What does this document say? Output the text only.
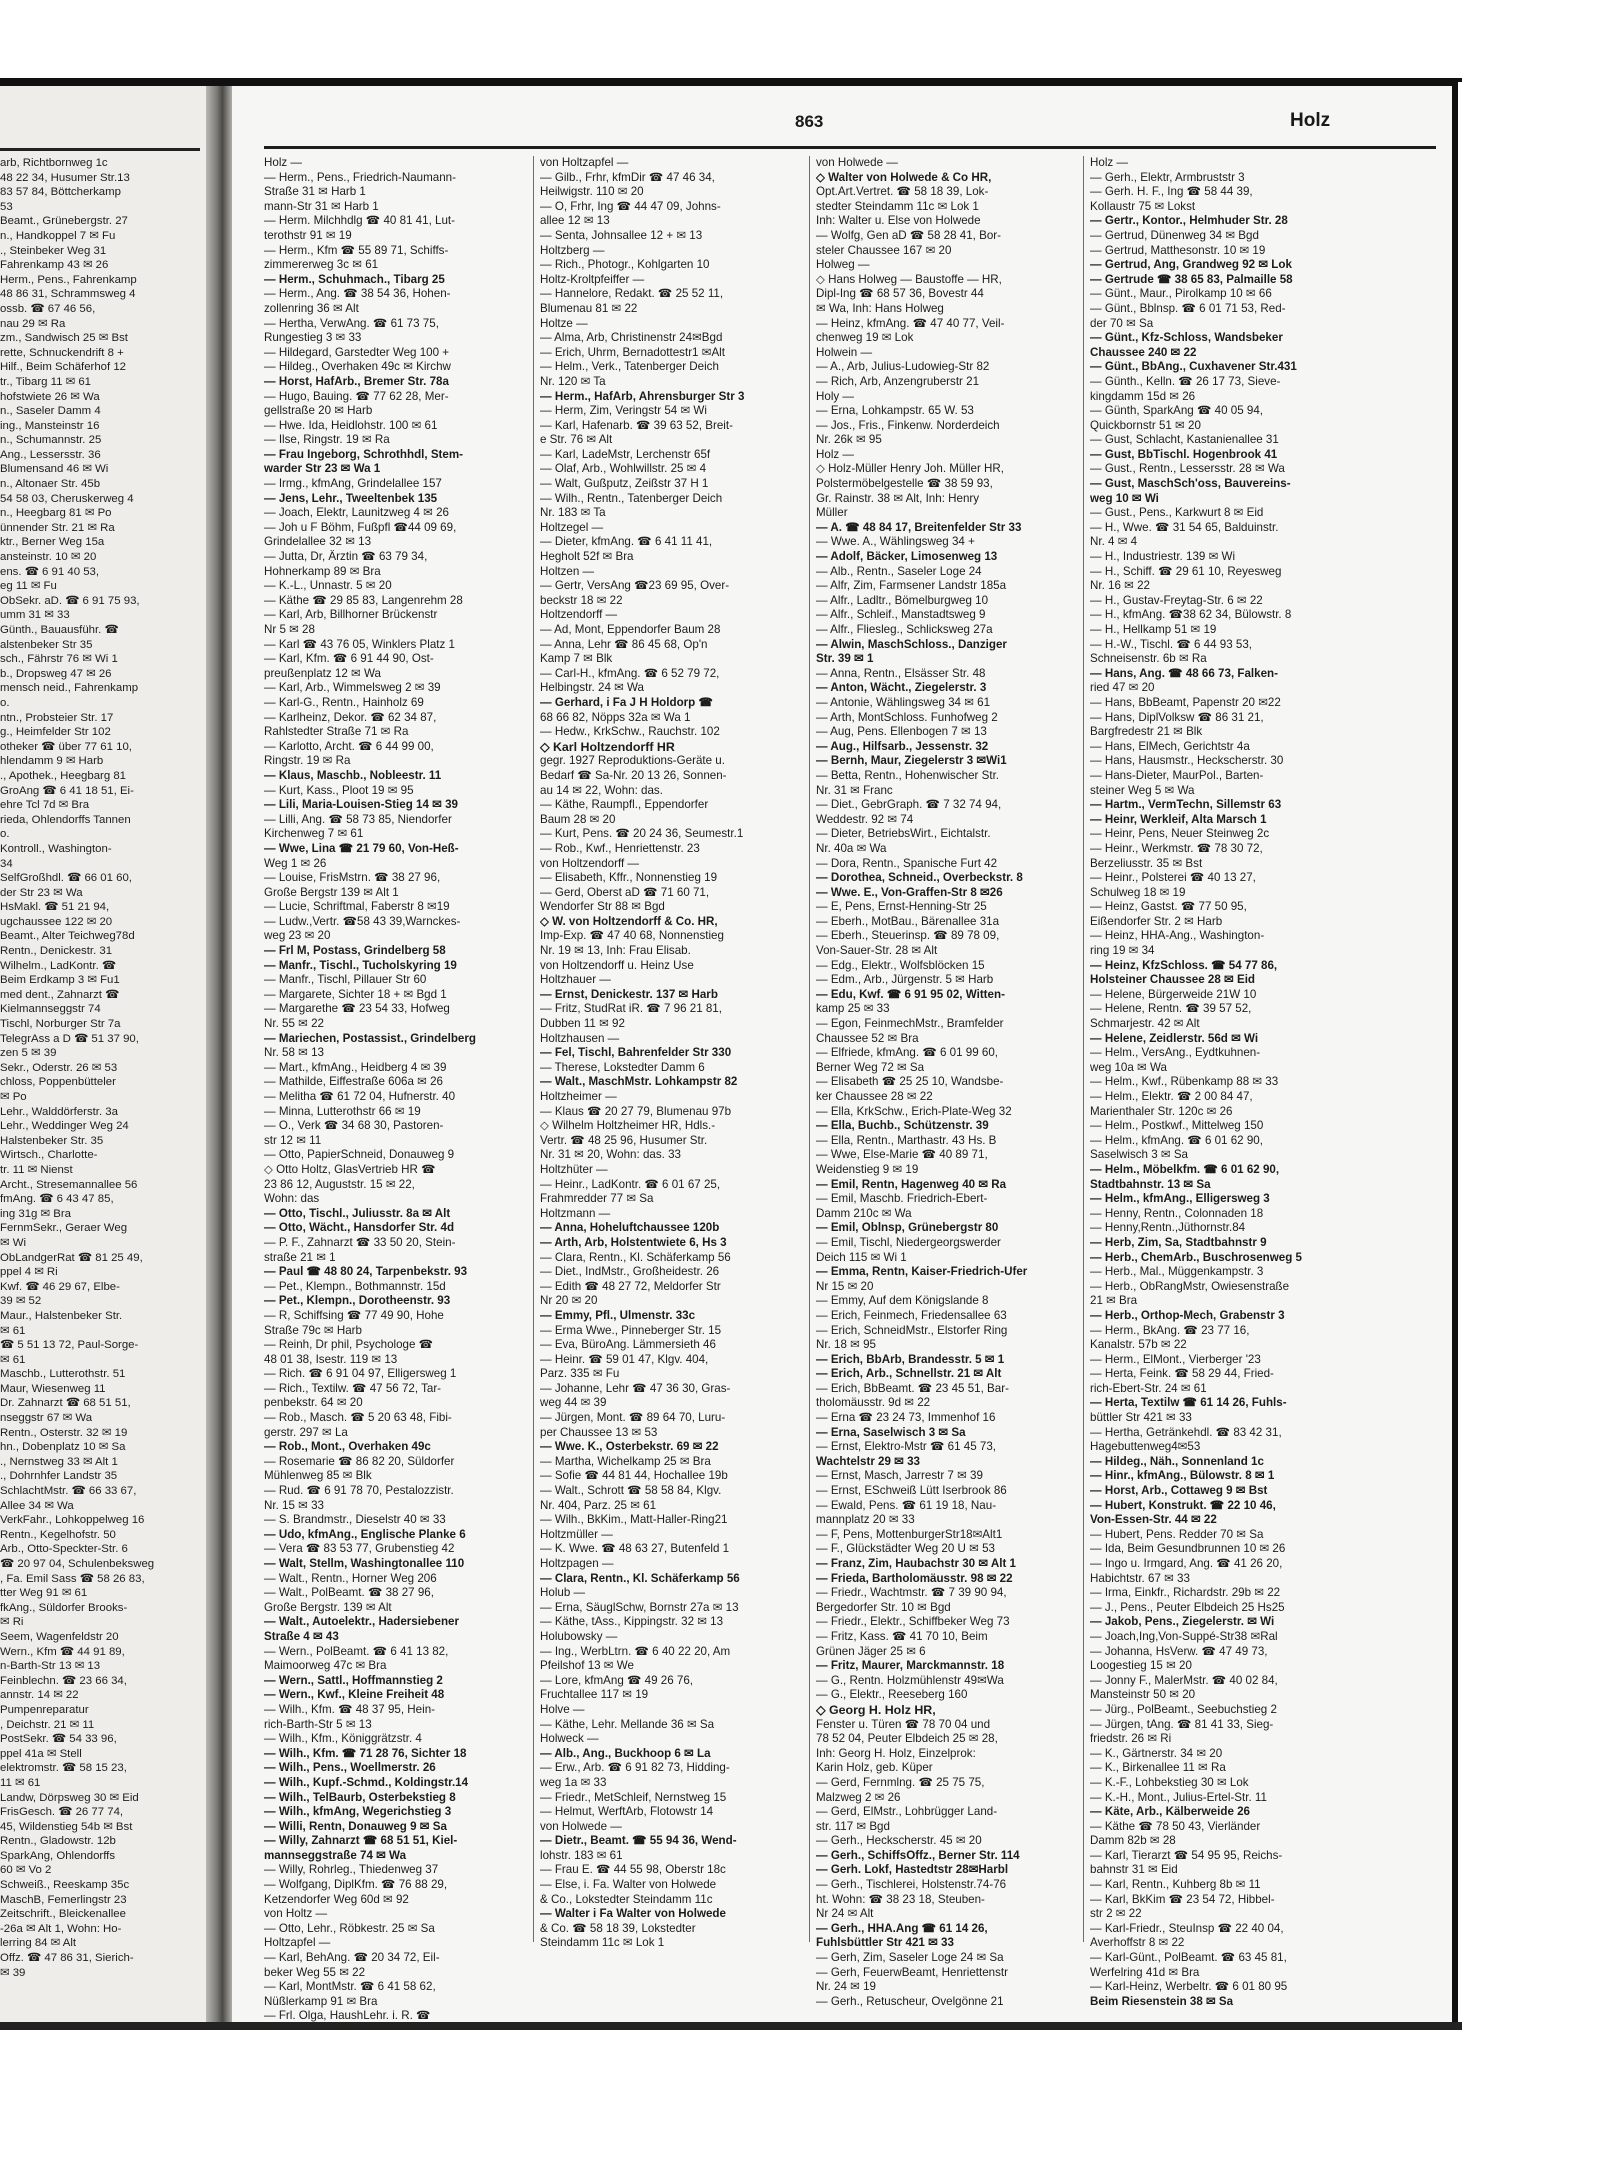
arb, Richtbornweg 1c
48 22 34, Husumer Str.13
83 57 84, Böttcherkamp
53
Beamt., Grünebergstr. 27
n., Handkoppel 7 ✉ Fu
., Steinbeker Weg 31
Fahrenkamp 43 ✉ 26
Herm., Pens., Fahrenkamp
48 86 31, Schrammsweg 4
ossb. ☎ 67 46 56,
nau 29 ✉ Ra
zm., Sandwisch 25 ✉ Bst
rette, Schnuckendrift 8 +
Hilf., Beim Schäferhof 12
tr., Tibarg 11 ✉ 61
hofstwiete 26 ✉ Wa
n., Saseler Damm 4
ing., Mansteinstr 16
n., Schumannstr. 25
Ang., Lessersstr. 36
Blumensand 46 ✉ Wi
n., Altonaer Str. 45b
54 58 03, Cheruskerweg 4
n., Heegbarg 81 ✉ Po
ünnender Str. 21 ✉ Ra
ktr., Berner Weg 15a
ansteinstr. 10 ✉ 20
ens. ☎ 6 91 40 53,
eg 11 ✉ Fu
ObSekr. aD. ☎ 6 91 75 93,
umm 31 ✉ 33
Günth., Bauausführ. ☎
alstenbeker Str 35
sch., Fährstr 76 ✉ Wi 1
b., Dropsweg 47 ✉ 26
mensch neid., Fahrenkamp
o.
ntn., Probsteier Str. 17
g., Heimfelder Str 102
otheker ☎ über 77 61 10,
hlendamm 9 ✉ Harb
., Apothek., Heegbarg 81
GroAng ☎ 6 41 18 51, Ei-
ehre Tcl 7d ✉ Bra
rieda, Ohlendorffs Tannen
o.
Kontroll., Washington-
34
SelfGroßhdl. ☎ 66 01 60,
der Str 23 ✉ Wa
HsMakl. ☎ 51 21 94,
ugchaussee 122 ✉ 20
Beamt., Alter Teichweg78d
Rentn., Denickestr. 31
Wilhelm., LadKontr. ☎
Beim Erdkamp 3 ✉ Fu1
med dent., Zahnarzt ☎
Kielmannseggstr 74
Tischl, Norburger Str 7a
TelegrAss a D ☎ 51 37 90,
zen 5 ✉ 39
Sekr., Oderstr. 26 ✉ 53
chloss, Poppenbütteler
✉ Po
Lehr., Walddörferstr. 3a
Lehr., Weddinger Weg 24
Halstenbeker Str. 35
Wirtsch., Charlotte-
tr. 11 ✉ Nienst
Archt., Stresemannallee 56
fmAng. ☎ 6 43 47 85,
ing 31g ✉ Bra
FernmSekr., Geraer Weg
✉ Wi
ObLandgerRat ☎ 81 25 49,
ppel 4 ✉ Ri
Kwf. ☎ 46 29 67, Elbe-
39 ✉ 52
Maur., Halstenbeker Str.
✉ 61
☎ 5 51 13 72, Paul-Sorge-
✉ 61
Maschb., Lutterothstr. 51
Maur, Wiesenweg 11
Dr. Zahnarzt ☎ 68 51 51,
nseggstr 67 ✉ Wa
Rentn., Osterstr. 32 ✉ 19
hn., Dobenplatz 10 ✉ Sa
., Nernstweg 33 ✉ Alt 1
., Dohrnhfer Landstr 35
SchlachtMstr. ☎ 66 33 67,
Allee 34 ✉ Wa
VerkFahr., Lohkoppelweg 16
Rentn., Kegelhofstr. 50
Arb., Otto-Speckter-Str. 6
☎ 20 97 04, Schulenbeksweg
, Fa. Emil Sass ☎ 58 26 83,
tter Weg 91 ✉ 61
fkAng., Süldorfer Brooks-
✉ Ri
Seem, Wagenfeldstr 20
Wern., Kfm ☎ 44 91 89,
n-Barth-Str 13 ✉ 13
Feinblechn. ☎ 23 66 34,
annstr. 14 ✉ 22
Pumpenreparatur
, Deichstr. 21 ✉ 11
PostSekr. ☎ 54 33 96,
ppel 41a ✉ Stell
elektromstr. ☎ 58 15 23,
11 ✉ 61
Landw, Dörpsweg 30 ✉ Eid
FrisGesch. ☎ 26 77 74,
45, Wildenstieg 54b ✉ Bst
Rentn., Gladowstr. 12b
SparkAng, Ohlendorffs
60 ✉ Vo 2
Schweiß., Reeskamp 35c
MaschB, Femerlingstr 23
Zeitschrift., Bleickenallee
-26a ✉ Alt 1, Wohn: Ho-
lerring 84 ✉ Alt
Offz. ☎ 47 86 31, Sierich-
✉ 39
863	Holz
Holz —
— Herm., Pens., Friedrich-Naumann-
Straße 31 ✉ Harb 1
mann-Str 31 ✉ Harb 1
— Herm. Milchhdlg ☎ 40 81 41, Lut-
terothstr 91 ✉ 19
— Herm., Kfm ☎ 55 89 71, Schiffs-
zimmererweg 3c ✉ 61
— Herm., Schuhmach., Tibarg 25
— Herm., Ang. ☎ 38 54 36, Hohen-
zollenring 36 ✉ Alt
— Hertha, VerwAng. ☎ 61 73 75,
Rungestieg 3 ✉ 33
— Hildegard, Garstedter Weg 100 +
— Hildeg., Overhaken 49c ✉ Kirchw
— Horst, HafArb., Bremer Str. 78a
— Hugo, Bauing. ☎ 77 62 28, Mer-
gellstraße 20 ✉ Harb
— Hwe. Ida, Heidlohstr. 100 ✉ 61
— Ilse, Ringstr. 19 ✉ Ra
— Frau Ingeborg, Schrothhdl, Stem-
warder Str 23 ✉ Wa 1
— Irmg., kfmAng, Grindelallee 157
— Jens, Lehr., Tweeltenbek 135
— Joach, Elektr, Launitzweg 4 ✉ 26
— Joh u F Böhm, Fußpfl ☎44 09 69,
Grindelallee 32 ✉ 13
— Jutta, Dr, Ärztin ☎ 63 79 34,
Hohnerkamp 89 ✉ Bra
— K.-L., Unnastr. 5 ✉ 20
— Käthe ☎ 29 85 83, Langenrehm 28
— Karl, Arb, Billhorner Brückenstr
Nr 5 ✉ 28
— Karl ☎ 43 76 05, Winklers Platz 1
— Karl, Kfm. ☎ 6 91 44 90, Ost-
preußenplatz 12 ✉ Wa
— Karl, Arb., Wimmelsweg 2 ✉ 39
— Karl-G., Rentn., Hainholz 69
— Karlheinz, Dekor. ☎ 62 34 87,
Rahlstedter Straße 71 ✉ Ra
— Karlotto, Archt. ☎ 6 44 99 00,
Ringstr. 19 ✉ Ra
— Klaus, Maschb., Nobleestr. 11
— Kurt, Kass., Ploot 19 ✉ 95
— Lili, Maria-Louisen-Stieg 14 ✉ 39
— Lilli, Ang. ☎ 58 73 85, Niendorfer
Kirchenweg 7 ✉ 61
— Wwe, Lina ☎ 21 79 60, Von-Heß-
Weg 1 ✉ 26
— Louise, FrisMstrn. ☎ 38 27 96,
Große Bergstr 139 ✉ Alt 1
— Lucie, Schriftmal, Faberstr 8 ✉19
— Ludw.,Vertr. ☎58 43 39,Warnckes-
weg 23 ✉ 20
— Frl M, Postass, Grindelberg 58
— Manfr., Tischl., Tucholskyring 19
— Manfr., Tischl, Pillauer Str 60
— Margarete, Sichter 18 + ✉ Bgd 1
— Margarethe ☎ 23 54 33, Hofweg
Nr. 55 ✉ 22
— Mariechen, Postassist., Grindelberg
Nr. 58 ✉ 13
— Mart., kfmAng., Heidberg 4 ✉ 39
— Mathilde, Eiffestraße 606a ✉ 26
— Melitha ☎ 61 72 04, Hufnerstr. 40
— Minna, Lutterothstr 66 ✉ 19
— O., Verk ☎ 34 68 30, Pastoren-
str 12 ✉ 11
— Otto, PapierSchneid, Donauweg 9
◇ Otto Holtz, GlasVertrieb HR ☎
23 86 12, Auguststr. 15 ✉ 22,
Wohn: das
— Otto, Tischl., Juliusstr. 8a ✉ Alt
— Otto, Wächt., Hansdorfer Str. 4d
— P. F., Zahnarzt ☎ 33 50 20, Stein-
straße 21 ✉ 1
— Paul ☎ 48 80 24, Tarpenbekstr. 93
— Pet., Klempn., Bothmannstr. 15d
— Pet., Klempn., Dorotheenstr. 93
— R, Schiffsing ☎ 77 49 90, Hohe
Straße 79c ✉ Harb
— Reinh, Dr phil, Psychologe ☎
48 01 38, Isestr. 119 ✉ 13
— Rich. ☎ 6 91 04 97, Elligersweg 1
— Rich., Textilw. ☎ 47 56 72, Tar-
penbekstr. 64 ✉ 20
— Rob., Masch. ☎ 5 20 63 48, Fibi-
gerstr. 297 ✉ La
— Rob., Mont., Overhaken 49c
— Rosemarie ☎ 86 82 20, Süldorfer
Mühlenweg 85 ✉ Blk
— Rud. ☎ 6 91 78 70, Pestalozzistr.
Nr. 15 ✉ 33
— S. Brandmstr., Dieselstr 40 ✉ 33
— Udo, kfmAng., Englische Planke 6
— Vera ☎ 83 53 77, Grubenstieg 42
— Walt, Stellm, Washingtonallee 110
— Walt., Rentn., Horner Weg 206
— Walt., PolBeamt. ☎ 38 27 96,
Große Bergstr. 139 ✉ Alt
— Walt., Autoelektr., Hadersiebener
Straße 4 ✉ 43
— Wern., PolBeamt. ☎ 6 41 13 82,
Maimoorweg 47c ✉ Bra
— Wern., Sattl., Hoffmannstieg 2
— Wern., Kwf., Kleine Freiheit 48
— Wilh., Kfm. ☎ 48 37 95, Hein-
rich-Barth-Str 5 ✉ 13
— Wilh., Kfm., Königgrätzstr. 4
— Wilh., Kfm. ☎ 71 28 76, Sichter 18
— Wilh., Pens., Woellmerstr. 26
— Wilh., Kupf.-Schmd., Koldingstr.14
— Wilh., TelBaurb, Osterbekstieg 8
— Wilh., kfmAng, Wegerichstieg 3
— Willi, Rentn, Donauweg 9 ✉ Sa
— Willy, Zahnarzt ☎ 68 51 51, Kiel-
mannseggstraße 74 ✉ Wa
— Willy, Rohrleg., Thiedenweg 37
— Wolfgang, DiplKfm. ☎ 76 88 29,
Ketzendorfer Weg 60d ✉ 92
von Holtz —
— Otto, Lehr., Röbkestr. 25 ✉ Sa
Holtzapfel —
— Karl, BehAng. ☎ 20 34 72, Eil-
beker Weg 55 ✉ 22
— Karl, MontMstr. ☎ 6 41 58 62,
Nüßlerkamp 91 ✉ Bra
— Frl. Olga, HaushLehr. i. R. ☎
von Holtzapfel —
— Gilb., Frhr, kfmDir ☎ 47 46 34,
Heilwigstr. 110 ✉ 20
— O, Frhr, Ing ☎ 44 47 09, Johns-
allee 12 ✉ 13
— Senta, Johnsallee 12 + ✉ 13
Holtzberg —
— Rich., Photogr., Kohlgarten 10
Holtz-Kroltpfeiffer —
— Hannelore, Redakt. ☎ 25 52 11,
Blumenau 81 ✉ 22
Holtze —
— Alma, Arb, Christinenstr 24✉Bgd
— Erich, Uhrm, Bernadottestr1 ✉Alt
— Helm., Verk., Tatenberger Deich
Nr. 120 ✉ Ta
— Herm., HafArb, Ahrensburger Str 3
— Herm, Zim, Veringstr 54 ✉ Wi
— Karl, Hafenarb. ☎ 39 63 52, Breit-
e Str. 76 ✉ Alt
— Karl, LadeMstr, Lerchenstr 65f
— Olaf, Arb., Wohlwillstr. 25 ✉ 4
— Walt, Gußputz, Zeißstr 37 H 1
— Wilh., Rentn., Tatenberger Deich
Nr. 183 ✉ Ta
Holtzegel —
— Dieter, kfmAng. ☎ 6 41 11 41,
Hegholt 52f ✉ Bra
Holtzen —
— Gertr, VersAng ☎23 69 95, Over-
beckstr 18 ✉ 22
Holtzendorff —
— Ad, Mont, Eppendorfer Baum 28
— Anna, Lehr ☎ 86 45 68, Op'n
Kamp 7 ✉ Blk
— Carl-H., kfmAng. ☎ 6 52 79 72,
Helbingstr. 24 ✉ Wa
— Gerhard, i Fa J H Holdorp ☎
68 66 82, Nöpps 32a ✉ Wa 1
— Hedw., KrkSchw., Rauchstr. 102
◇ Karl Holtzendorff HR
gegr. 1927 Reproduktions-Geräte u.
Bedarf ☎ Sa-Nr. 20 13 26, Sonnen-
au 14 ✉ 22, Wohn: das.
— Käthe, Raumpfl., Eppendorfer
Baum 28 ✉ 20
— Kurt, Pens. ☎ 20 24 36, Seumestr.1
— Rob., Kwf., Henriettenstr. 23
von Holtzendorff —
— Elisabeth, Kffr., Nonnenstieg 19
— Gerd, Oberst aD ☎ 71 60 71,
Wendorfer Str 88 ✉ Bgd
◇ W. von Holtzendorff & Co. HR,
Imp-Exp. ☎ 47 40 68, Nonnenstieg
Nr. 19 ✉ 13, Inh: Frau Elisab.
von Holtzendorff u. Heinz Use
Holtzhauer —
— Ernst, Denickestr. 137 ✉ Harb
— Fritz, StudRat iR. ☎ 7 96 21 81,
Dubben 11 ✉ 92
Holtzhausen —
— Fel, Tischl, Bahrenfelder Str 330
— Therese, Lokstedter Damm 6
— Walt., MaschMstr. Lohkampstr 82
Holtzheimer —
— Klaus ☎ 20 27 79, Blumenau 97b
◇ Wilhelm Holtzheimer HR, Hdls.-
Vertr. ☎ 48 25 96, Husumer Str.
Nr. 31 ✉ 20, Wohn: das. 33
Holtzhüter —
— Heinr., LadKontr. ☎ 6 01 67 25,
Frahmredder 77 ✉ Sa
Holtzmann —
— Anna, Hoheluftchaussee 120b
— Arth, Arb, Holstentwiete 6, Hs 3
— Clara, Rentn., Kl. Schäferkamp 56
— Diet., IndMstr., Großheidestr. 26
— Edith ☎ 48 27 72, Meldorfer Str
Nr 20 ✉ 20
— Emmy, Pfl., Ulmenstr. 33c
— Erma Wwe., Pinneberger Str. 15
— Eva, BüroAng. Lämmersieth 46
— Heinr. ☎ 59 01 47, Klgv. 404,
Parz. 335 ✉ Fu
— Johanne, Lehr ☎ 47 36 30, Gras-
weg 44 ✉ 39
— Jürgen, Mont. ☎ 89 64 70, Luru-
per Chaussee 13 ✉ 53
— Wwe. K., Osterbekstr. 69 ✉ 22
— Martha, Wichelkamp 25 ✉ Bra
— Sofie ☎ 44 81 44, Hochallee 19b
— Walt., Schrott ☎ 58 58 84, Klgv.
Nr. 404, Parz. 25 ✉ 61
— Wilh., BkKim., Matt-Haller-Ring21
Holtzmüller —
— K. Wwe. ☎ 48 63 27, Butenfeld 1
Holtzpagen —
— Clara, Rentn., Kl. Schäferkamp 56
Holub —
— Erna, SäuglSchw, Bornstr 27a ✉ 13
— Käthe, tAss., Kippingstr. 32 ✉ 13
Holubowsky —
— Ing., WerbLtrn. ☎ 6 40 22 20, Am
Pfeilshof 13 ✉ We
— Lore, kfmAng ☎ 49 26 76,
Fruchtallee 117 ✉ 19
Holve —
— Käthe, Lehr. Mellande 36 ✉ Sa
Holweck —
— Alb., Ang., Buckhoop 6 ✉ La
— Erw., Arb. ☎ 6 91 82 73, Hidding-
weg 1a ✉ 33
— Friedr., MetSchleif, Nernstweg 15
— Helmut, WerftArb, Flotowstr 14
von Holwede —
— Dietr., Beamt. ☎ 55 94 36, Wend-
lohstr. 183 ✉ 61
— Frau E. ☎ 44 55 98, Oberstr 18c
— Else, i. Fa. Walter von Holwede
& Co., Lokstedter Steindamm 11c
— Walter i Fa Walter von Holwede
& Co. ☎ 58 18 39, Lokstedter
Steindamm 11c ✉ Lok 1
von Holwede —
◇ Walter von Holwede & Co HR,
Opt.Art.Vertret. ☎ 58 18 39, Lok-
stedter Steindamm 11c ✉ Lok 1
Inh: Walter u. Else von Holwede
— Wolfg, Gen aD ☎ 58 28 41, Bor-
steler Chaussee 167 ✉ 20
Holweg —
◇ Hans Holweg — Baustoffe — HR,
Dipl-Ing ☎ 68 57 36, Bovestr 44
✉ Wa, Inh: Hans Holweg
— Heinz, kfmAng. ☎ 47 40 77, Veil-
chenweg 19 ✉ Lok
Holwein —
— A., Arb, Julius-Ludowieg-Str 82
— Rich, Arb, Anzengruberstr 21
Holy —
— Erna, Lohkampstr. 65 W. 53
— Jos., Fris., Finkenw. Norderdeich
Nr. 26k ✉ 95
Holz —
◇ Holz-Müller Henry Joh. Müller HR,
Polstermöbelgestelle ☎ 38 59 93,
Gr. Rainstr. 38 ✉ Alt, Inh: Henry
Müller
— A. ☎ 48 84 17, Breitenfelder Str 33
— Wwe. A., Wählingsweg 34 +
— Adolf, Bäcker, Limosenweg 13
— Alb., Rentn., Saseler Loge 24
— Alfr, Zim, Farmsener Landstr 185a
— Alfr., Ladltr., Bömelburgweg 10
— Alfr., Schleif., Manstadtsweg 9
— Alfr., Fliesleg., Schlicksweg 27a
— Alwin, MaschSchloss., Danziger
Str. 39 ✉ 1
— Anna, Rentn., Elsässer Str. 48
— Anton, Wächt., Ziegelerstr. 3
— Antonie, Wählingsweg 34 ✉ 61
— Arth, MontSchloss. Funhofweg 2
— Aug, Pens. Ellenbogen 7 ✉ 13
— Aug., Hilfsarb., Jessenstr. 32
— Bernh, Maur, Ziegelerstr 3 ✉Wi1
— Betta, Rentn., Hohenwischer Str.
Nr. 31 ✉ Franc
— Diet., GebrGraph. ☎ 7 32 74 94,
Weddestr. 92 ✉ 74
— Dieter, BetriebsWirt., Eichtalstr.
Nr. 40a ✉ Wa
— Dora, Rentn., Spanische Furt 42
— Dorothea, Schneid., Overbeckstr. 8
— Wwe. E., Von-Graffen-Str 8 ✉26
— E, Pens, Ernst-Henning-Str 25
— Eberh., MotBau., Bärenallee 31a
— Eberh., Steuerinsp. ☎ 89 78 09,
Von-Sauer-Str. 28 ✉ Alt
— Edg., Elektr., Wolfsblöcken 15
— Edm., Arb., Jürgenstr. 5 ✉ Harb
— Edu, Kwf. ☎ 6 91 95 02, Witten-
kamp 25 ✉ 33
— Egon, FeinmechMstr., Bramfelder
Chaussee 52 ✉ Bra
— Elfriede, kfmAng. ☎ 6 01 99 60,
Berner Weg 72 ✉ Sa
— Elisabeth ☎ 25 25 10, Wandsbe-
ker Chaussee 28 ✉ 22
— Ella, KrkSchw., Erich-Plate-Weg 32
— Ella, Buchb., Schützenstr. 39
— Ella, Rentn., Marthastr. 43 Hs. B
— Wwe, Else-Marie ☎ 40 89 71,
Weidenstieg 9 ✉ 19
— Emil, Rentn, Hagenweg 40 ✉ Ra
— Emil, Maschb. Friedrich-Ebert-
Damm 210c ✉ Wa
— Emil, Oblnsp, Grünebergstr 80
— Emil, Tischl, Niedergeorgswerder
Deich 115 ✉ Wi 1
— Emma, Rentn, Kaiser-Friedrich-Ufer
Nr 15 ✉ 20
— Emmy, Auf dem Königslande 8
— Erich, Feinmech, Friedensallee 63
— Erich, SchneidMstr., Elstorfer Ring
Nr. 18 ✉ 95
— Erich, BbArb, Brandesstr. 5 ✉ 1
— Erich, Arb., Schnellstr. 21 ✉ Alt
— Erich, BbBeamt. ☎ 23 45 51, Bar-
tholomäusstr. 9d ✉ 22
— Erna ☎ 23 24 73, Immenhof 16
— Erna, Saselwisch 3 ✉ Sa
— Ernst, Elektro-Mstr ☎ 61 45 73,
Wachtelstr 29 ✉ 33
— Ernst, Masch, Jarrestr 7 ✉ 39
— Ernst, ESchweiß Lütt Iserbrook 86
— Ewald, Pens. ☎ 61 19 18, Nau-
mannplatz 20 ✉ 33
— F, Pens, MottenburgerStr18✉Alt1
— F., Glückstädter Weg 20 U ✉ 53
— Franz, Zim, Haubachstr 30 ✉ Alt 1
— Frieda, Bartholomäusstr. 98 ✉ 22
— Friedr., Wachtmstr. ☎ 7 39 90 94,
Bergedorfer Str. 10 ✉ Bgd
— Friedr., Elektr., Schiffbeker Weg 73
— Fritz, Kass. ☎ 41 70 10, Beim
Grünen Jäger 25 ✉ 6
— Fritz, Maurer, Marckmannstr. 18
— G., Rentn. Holzmühlenstr 49✉Wa
— G., Elektr., Reeseberg 160
◇ Georg H. Holz HR,
Fenster u. Türen ☎ 78 70 04 und
78 52 04, Peuter Elbdeich 25 ✉ 28,
Inh: Georg H. Holz, Einzelprok:
Karin Holz, geb. Küper
— Gerd, Fernmlng. ☎ 25 75 75,
Malzweg 2 ✉ 26
— Gerd, ElMstr., Lohbrügger Land-
str. 117 ✉ Bgd
— Gerh., Heckscherstr. 45 ✉ 20
— Gerh., SchiffsOffz., Berner Str. 114
— Gerh. Lokf, Hastedtstr 28✉Harbl
— Gerh., Tischlerei, Holstenstr.74-76
ht. Wohn: ☎ 38 23 18, Steuben-
Nr 24 ✉ Alt
— Gerh., HHA.Ang ☎ 61 14 26,
Fuhlsbüttler Str 421 ✉ 33
— Gerh, Zim, Saseler Loge 24 ✉ Sa
— Gerh, FeuerwBeamt, Henriettenstr
Nr. 24 ✉ 19
— Gerh., Retuscheur, Ovelgönne 21
Holz —
— Gerh., Elektr, Armbruststr 3
— Gerh. H. F., Ing ☎ 58 44 39,
Kollaustr 75 ✉ Lokst
— Gertr., Kontor., Helmhuder Str. 28
— Gertrud, Dünenweg 34 ✉ Bgd
— Gertrud, Matthesonstr. 10 ✉ 19
— Gertrud, Ang, Grandweg 92 ✉ Lok
— Gertrude ☎ 38 65 83, Palmaille 58
— Günt., Maur., Pirolkamp 10 ✉ 66
— Günt., Bblnsp. ☎ 6 01 71 53, Red-
der 70 ✉ Sa
— Günt., Kfz-Schloss, Wandsbeker
Chaussee 240 ✉ 22
— Günt., BbAng., Cuxhavener Str.431
— Günth., Kelln. ☎ 26 17 73, Sieve-
kingdamm 15d ✉ 26
— Günth, SparkAng ☎ 40 05 94,
Quickbornstr 51 ✉ 20
— Gust, Schlacht, Kastanienallee 31
— Gust, BbTischl. Hogenbrook 41
— Gust., Rentn., Lessersstr. 28 ✉ Wa
— Gust, MaschSch'oss, Bauvereins-
weg 10 ✉ Wi
— Gust., Pens., Karkwurt 8 ✉ Eid
— H., Wwe. ☎ 31 54 65, Balduinstr.
Nr. 4 ✉ 4
— H., Industriestr. 139 ✉ Wi
— H., Schiff. ☎ 29 61 10, Reyesweg
Nr. 16 ✉ 22
— H., Gustav-Freytag-Str. 6 ✉ 22
— H., kfmAng. ☎38 62 34, Bülowstr. 8
— H., Hellkamp 51 ✉ 19
— H.-W., Tischl. ☎ 6 44 93 53,
Schneisenstr. 6b ✉ Ra
— Hans, Ang. ☎ 48 66 73, Falken-
ried 47 ✉ 20
— Hans, BbBeamt, Papenstr 20 ✉22
— Hans, DiplVolksw ☎ 86 31 21,
Bargfredestr 21 ✉ Blk
— Hans, ElMech, Gerichtstr 4a
— Hans, Hausmstr., Heckscherstr. 30
— Hans-Dieter, MaurPol., Barten-
steiner Weg 5 ✉ Wa
— Hartm., VermTechn, Sillemstr 63
— Heinr, Werkleif, Alta Marsch 1
— Heinr, Pens, Neuer Steinweg 2c
— Heinr., Werkmstr. ☎ 78 30 72,
Berzeliusstr. 35 ✉ Bst
— Heinr., Polsterei ☎ 40 13 27,
Schulweg 18 ✉ 19
— Heinz, Gastst. ☎ 77 50 95,
Eißendorfer Str. 2 ✉ Harb
— Heinz, HHA-Ang., Washington-
ring 19 ✉ 34
— Heinz, KfzSchloss. ☎ 54 77 86,
Holsteiner Chaussee 28 ✉ Eid
— Helene, Bürgerweide 21W 10
— Helene, Rentn. ☎ 39 57 52,
Schmarjestr. 42 ✉ Alt
— Helene, Zeidlerstr. 56d ✉ Wi
— Helm., VersAng., Eydtkuhnen-
weg 10a ✉ Wa
— Helm., Kwf., Rübenkamp 88 ✉ 33
— Helm., Elektr. ☎ 2 00 84 47,
Marienthaler Str. 120c ✉ 26
— Helm., Postkwf., Mittelweg 150
— Helm., kfmAng. ☎ 6 01 62 90,
Saselwisch 3 ✉ Sa
— Helm., Möbelkfm. ☎ 6 01 62 90,
Stadtbahnstr. 13 ✉ Sa
— Helm., kfmAng., Elligersweg 3
— Henny, Rentn., Colonnaden 18
— Henny,Rentn.,Jüthornstr.84
— Herb, Zim, Sa, Stadtbahnstr 9
— Herb., ChemArb., Buschrosenweg 5
— Herb., Mal., Müggenkampstr. 3
— Herb., ObRangMstr, Owiesenstraße
21 ✉ Bra
— Herb., Orthop-Mech, Grabenstr 3
— Herm., BkAng. ☎ 23 77 16,
Kanalstr. 57b ✉ 22
— Herm., ElMont., Vierberger '23
— Herta, Feink. ☎ 58 29 44, Fried-
rich-Ebert-Str. 24 ✉ 61
— Herta, Textilw ☎ 61 14 26, Fuhls-
büttler Str 421 ✉ 33
— Hertha, Getränkehdl. ☎ 83 42 31,
Hagebuttenweg4✉53
— Hildeg., Näh., Sonnenland 1c
— Hinr., kfmAng., Bülowstr. 8 ✉ 1
— Horst, Arb., Cottaweg 9 ✉ Bst
— Hubert, Konstrukt. ☎ 22 10 46,
Von-Essen-Str. 44 ✉ 22
— Hubert, Pens. Redder 70 ✉ Sa
— Ida, Beim Gesundbrunnen 10 ✉ 26
— Ingo u. Irmgard, Ang. ☎ 41 26 20,
Habichtstr. 67 ✉ 33
— Irma, Einkfr., Richardstr. 29b ✉ 22
— J., Pens., Peuter Elbdeich 25 Hs25
— Jakob, Pens., Ziegelerstr. ✉ Wi
— Joach,Ing,Von-Suppé-Str38 ✉Ral
— Johanna, HsVerw. ☎ 47 49 73,
Loogestieg 15 ✉ 20
— Jonny F., MalerMstr. ☎ 40 02 84,
Mansteinstr 50 ✉ 20
— Jürg., PolBeamt., Seebuchstieg 2
— Jürgen, tAng. ☎ 81 41 33, Sieg-
friedstr. 26 ✉ Ri
— K., Gärtnerstr. 34 ✉ 20
— K., Birkenallee 11 ✉ Ra
— K.-F., Lohbekstieg 30 ✉ Lok
— K.-H., Mont., Julius-Ertel-Str. 11
— Käte, Arb., Kälberweide 26
— Käthe ☎ 78 50 43, Vierländer
Damm 82b ✉ 28
— Karl, Tierarzt ☎ 54 95 95, Reichs-
bahnstr 31 ✉ Eid
— Karl, Rentn., Kuhberg 8b ✉ 11
— Karl, BkKim ☎ 23 54 72, Hibbel-
str 2 ✉ 22
— Karl-Friedr., SteuInsp ☎ 22 40 04,
Averhoffstr 8 ✉ 22
— Karl-Günt., PolBeamt. ☎ 63 45 81,
Werfelring 41d ✉ Bra
— Karl-Heinz, Werbeltr. ☎ 6 01 80 95
Beim Riesenstein 38 ✉ Sa
